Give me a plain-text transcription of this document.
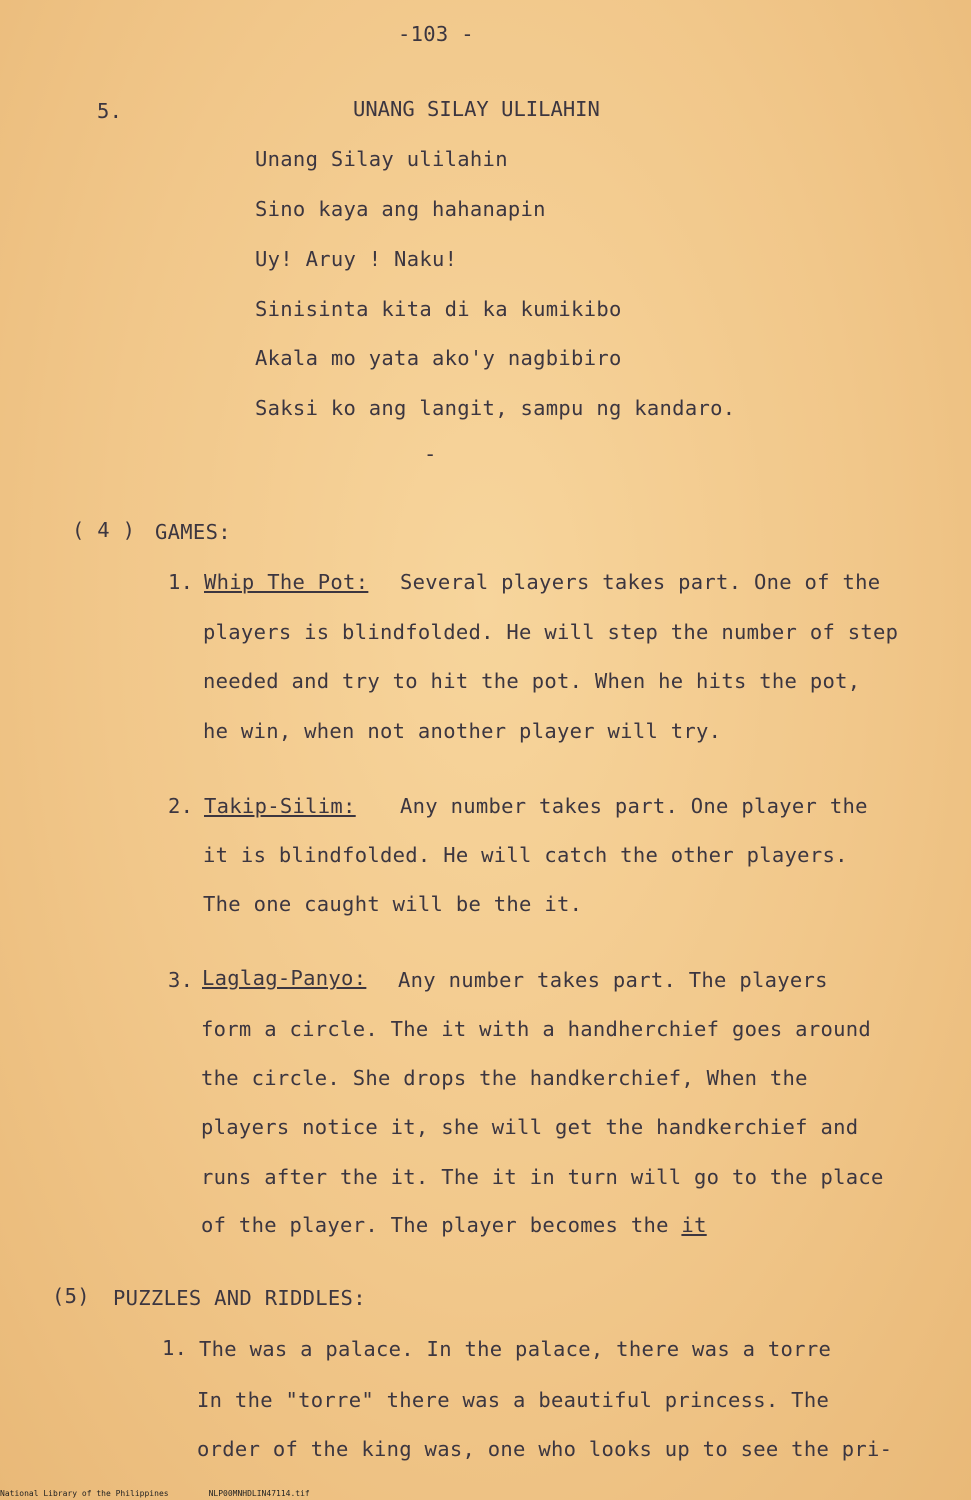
-103 -
5.	UNANG SILAY ULILAHIN
Unang Silay ulilahin
Sino kaya ang hahanapin
Uy! Aruy ! Naku!
Sinisinta kita di ka kumikibo
Akala mo yata ako'y nagbibiro
Saksi ko ang langit, sampu ng kandaro.
-
( 4 ) GAMES:
1. Whip The Pot: Several players takes part. One of the
players is blindfolded. He will step the number of step
needed and try to hit the pot. When he hits the pot,
he win, when not another player will try.
2. Takip-Silim: Any number takes part. One player the
it is blindfolded. He will catch the other players.
The one caught will be the it.
3. Laglag-Panyo: Any number takes part. The players
form a circle. The it with a handherchief goes around
the circle. She drops the handkerchief, When the
players notice it, she will get the handkerchief and
runs after the it. The it in turn will go to the place
of the player. The player becomes the it
(5) PUZZLES AND RIDDLES:
1. The was a palace. In the palace, there was a torre
In the "torre" there was a beautiful princess. The
order of the king was, one who looks up to see the pri-
National Library of the Philippines	NLP00MNHDLIN47114.tif
